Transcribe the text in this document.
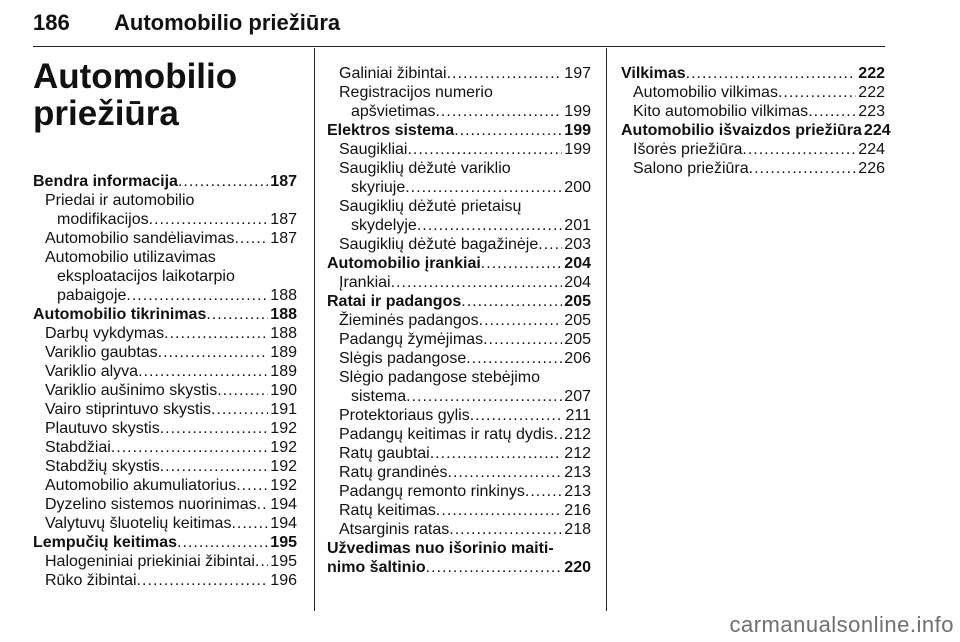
186 Automobilio priežiūra
Automobilio
priežiūra
Bendra informacija .....	187
Priedai ir automobilio
modifikacijos .....	187
Automobilio sandėliavimas ..... 187
Automobilio utilizavimas
eksploatacijos laikotarpio
pabaigoje .....	188
Automobilio tikrinimas .....	188
Darbų vykdymas .....	188
Variklio gaubtas .....	189
Variklio alyva .....	189
Variklio aušinimo skystis .....	190
Vairo stiprintuvo skystis .....	191
Plautuvo skystis .....	192
Stabdžiai .....	192
Stabdžių skystis .....	192
Automobilio akumuliatorius ..... 192
Dyzelino sistemos nuorinimas ..... 194
Valytuvų šluotelių keitimas ..... 194
Lempučių keitimas .....	195
Halogeniniai priekiniai žibintai ..... 195
Rūko žibintai .....	196
Galiniai žibintai .....	197
Registracijos numerio
apšvietimas .....	199
Elektros sistema .....	199
Saugikliai .....	199
Saugiklių dėžutė variklio
skyriuje .....	200
Saugiklių dėžutė prietaisų
skydelyje .....	201
Saugiklių dėžutė bagažinėje ..... 203
Automobilio įrankiai .....	204
Įrankiai .....	204
Ratai ir padangos .....	205
Žieminės padangos .....	205
Padangų žymėjimas .....	205
Slėgis padangose .....	206
Slėgio padangose stebėjimo
sistema .....	207
Protektoriaus gylis .....	211
Padangų keitimas ir ratų dydis ..... 212
Ratų gaubtai .....	212
Ratų grandinės .....	213
Padangų remonto rinkinys ..... 213
Ratų keitimas .....	216
Atsarginis ratas .....	218
Užvedimas nuo išorinio maiti-
nimo šaltinio .....	220
Vilkimas .....	222
Automobilio vilkimas .....	222
Kito automobilio vilkimas .....	223
Automobilio išvaizdos priežiūra 224
Išorės priežiūra .....	224
Salono priežiūra .....	226
carmanualsonline.info
